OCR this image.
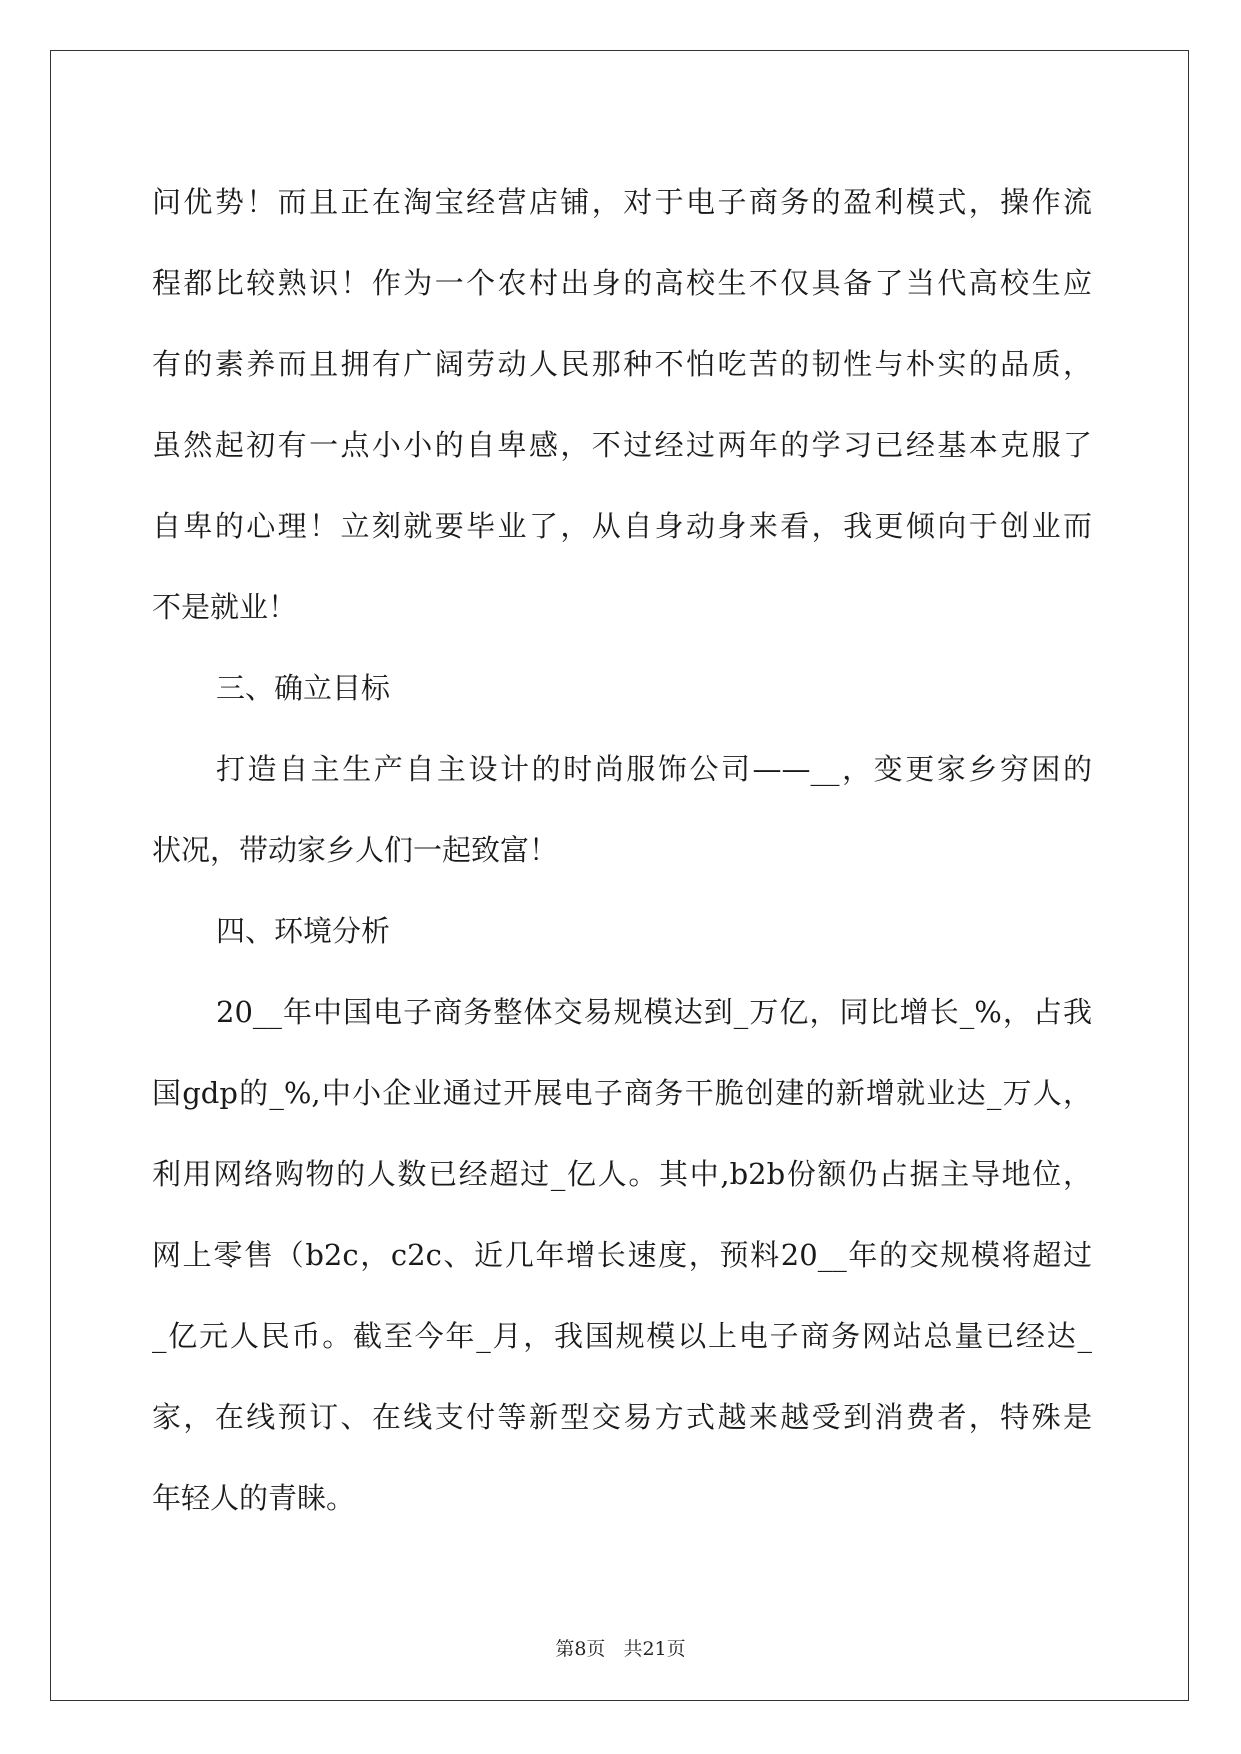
问优势！而且正在淘宝经营店铺，对于电子商务的盈利模式，操作流
程都比较熟识！作为一个农村出身的高校生不仅具备了当代高校生应
有的素养而且拥有广阔劳动人民那种不怕吃苦的韧性与朴实的品质，
虽然起初有一点小小的自卑感，不过经过两年的学习已经基本克服了
自卑的心理！立刻就要毕业了，从自身动身来看，我更倾向于创业而
不是就业！
三、确立目标
打造自主生产自主设计的时尚服饰公司——__，变更家乡穷困的
状况，带动家乡人们一起致富！
四、环境分析
20__年中国电子商务整体交易规模达到_万亿，同比增长_%，占我
国gdp的_%,中小企业通过开展电子商务干脆创建的新增就业达_万人，
利用网络购物的人数已经超过_亿人。其中,b2b份额仍占据主导地位，
网上零售（b2c，c2c、近几年增长速度，预料20__年的交规模将超过
_亿元人民币。截至今年_月，我国规模以上电子商务网站总量已经达_
家，在线预订、在线支付等新型交易方式越来越受到消费者，特殊是
年轻人的青睐。
第8页 共21页
